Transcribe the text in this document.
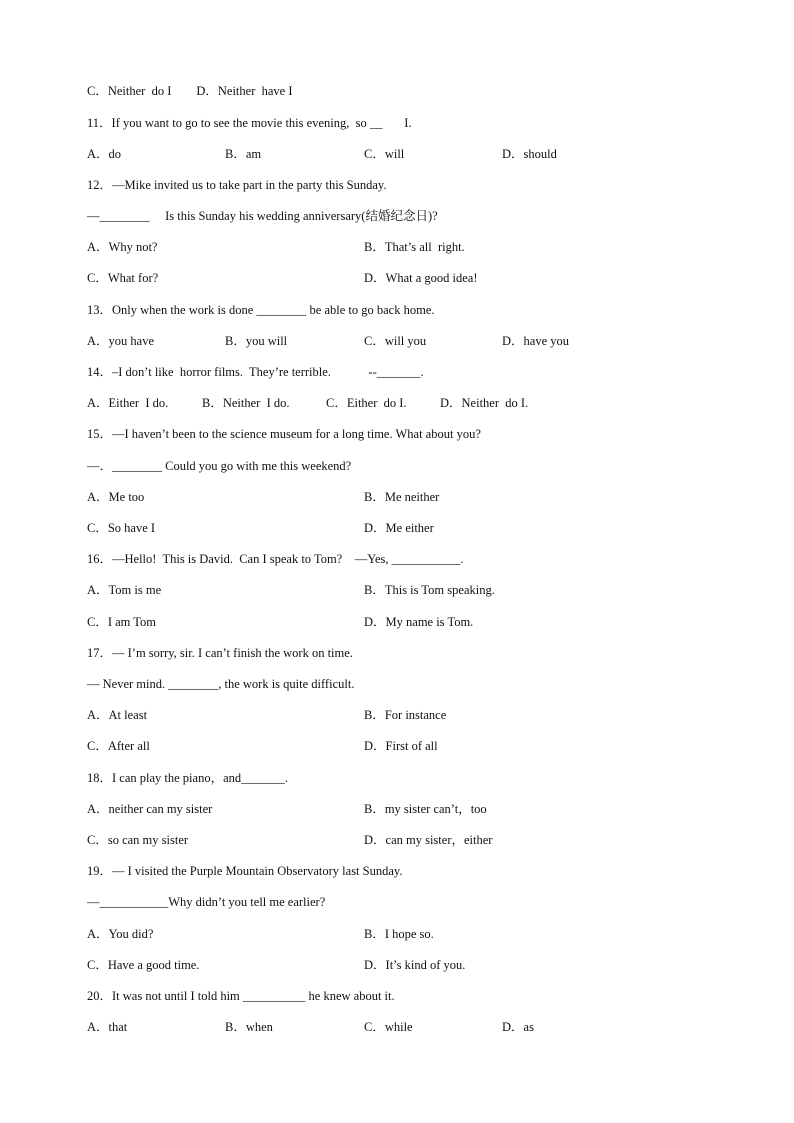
C．Neither  do I        D．Neither  have I
11．If you want to go to see the movie this evening,  so __       I.
A．do	B．am	C．will	D．should
12．—Mike invited us to take part in the party this Sunday.
—________     Is this Sunday his wedding anniversary(结婚纪念日)?
A．Why not?	B．That’s all  right.
C．What for?	D．What a good idea!
13．Only when the work is done ________ be able to go back home.
A．you have	B．you will	C．will you	D．have you
14．–I don’t like  horror films.  They’re terrible.            --_______.
A．Either  I do.	B．Neither  I do.	C．Either  do I.	D．Neither  do I.
15．—I haven’t been to the science museum for a long time. What about you?
—．________ Could you go with me this weekend?
A．Me too	B．Me neither
C．So have I	D．Me either
16．—Hello!  This is David.  Can I speak to Tom?    —Yes, ___________.
A．Tom is me	B．This is Tom speaking.
C．I am Tom	D．My name is Tom.
17．— I’m sorry, sir. I can’t finish the work on time.
— Never mind. ________, the work is quite difficult.
A．At least	B．For instance
C．After all	D．First of all
18．I can play the piano，and_______.
A．neither can my sister	B．my sister can’t，too
C．so can my sister	D．can my sister，either
19．— I visited the Purple Mountain Observatory last Sunday.
—___________Why didn’t you tell me earlier?
A．You did?	B．I hope so.
C．Have a good time.	D．It’s kind of you.
20．It was not until I told him __________ he knew about it.
A．that	B．when	C．while	D．as
